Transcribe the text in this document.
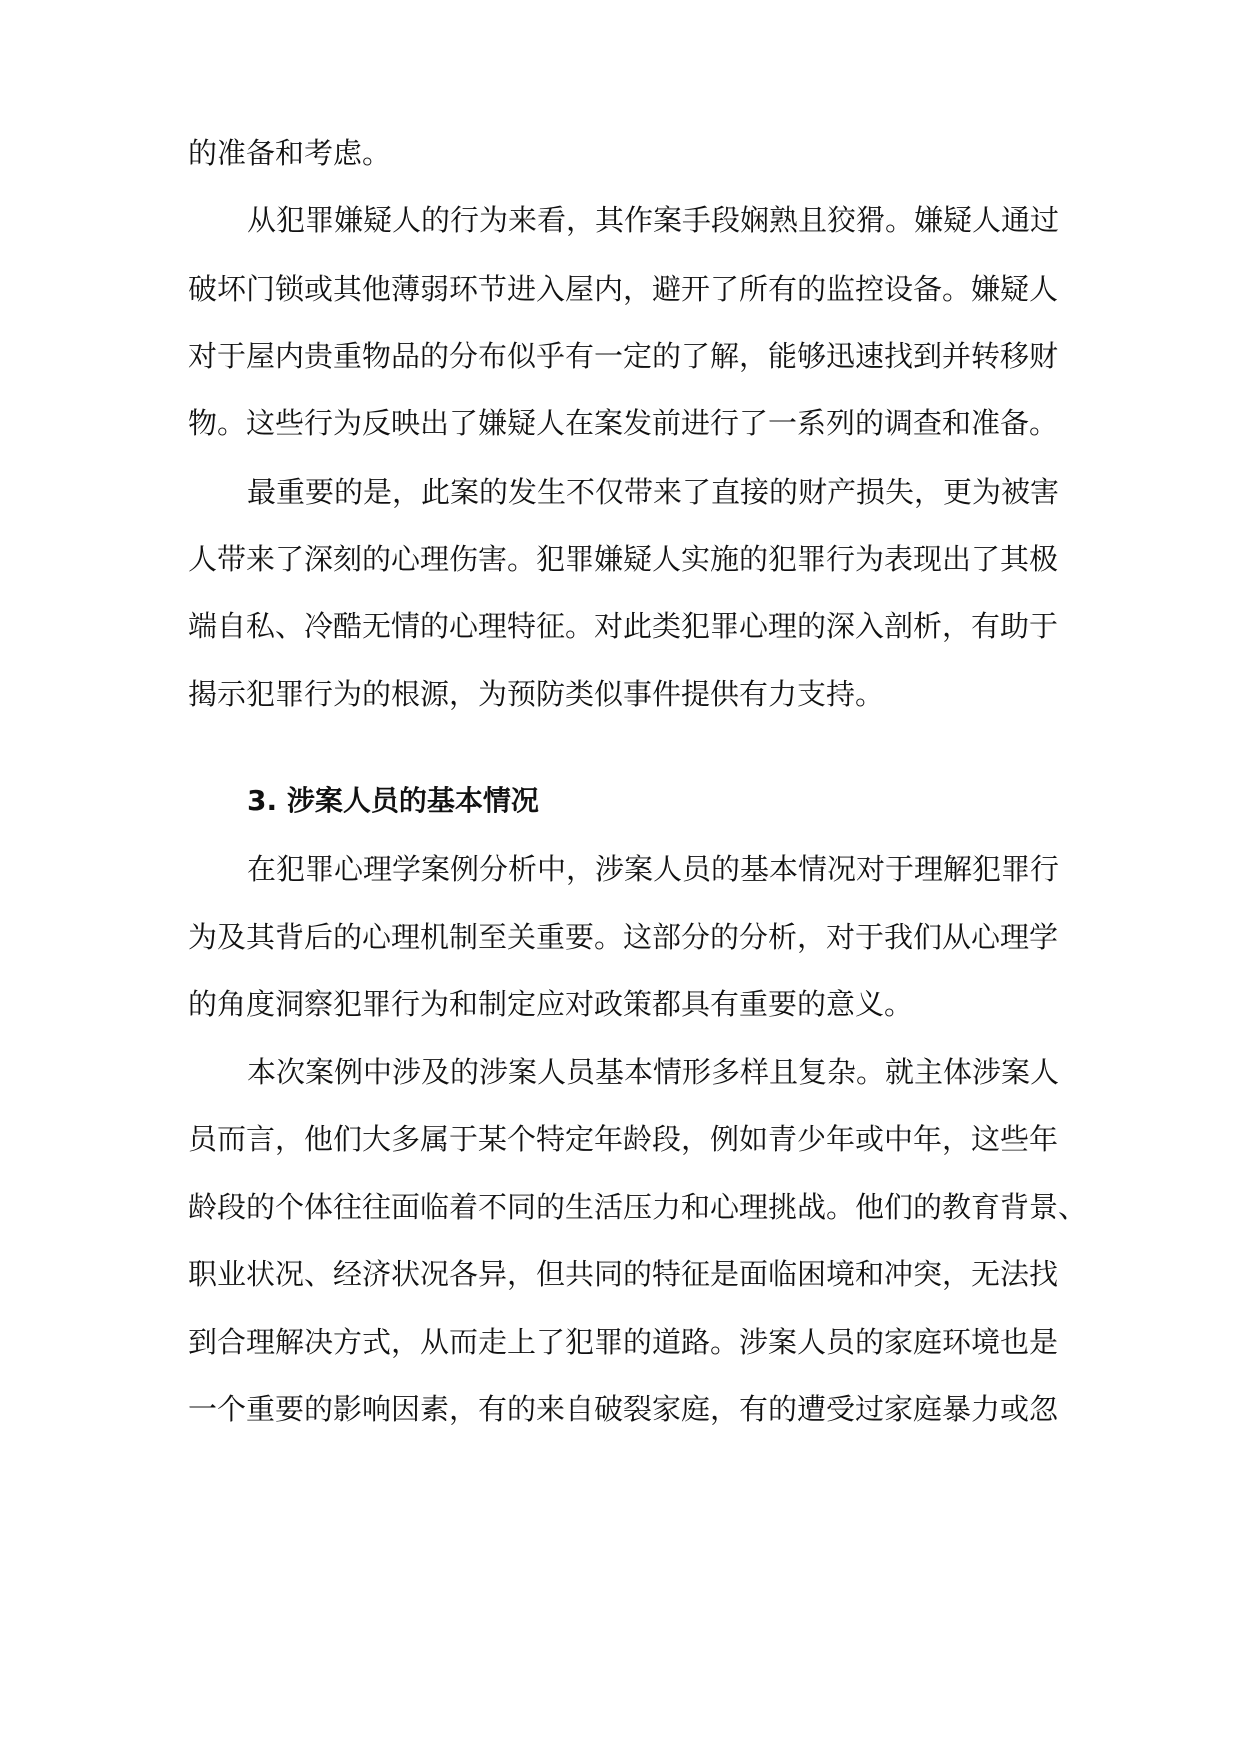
的准备和考虑。
从犯罪嫌疑人的行为来看，其作案手段娴熟且狡猾。嫌疑人通过
破坏门锁或其他薄弱环节进入屋内，避开了所有的监控设备。嫌疑人
对于屋内贵重物品的分布似乎有一定的了解，能够迅速找到并转移财
物。这些行为反映出了嫌疑人在案发前进行了一系列的调查和准备。
最重要的是，此案的发生不仅带来了直接的财产损失，更为被害
人带来了深刻的心理伤害。犯罪嫌疑人实施的犯罪行为表现出了其极
端自私、冷酷无情的心理特征。对此类犯罪心理的深入剖析，有助于
揭示犯罪行为的根源，为预防类似事件提供有力支持。
3. 涉案人员的基本情况
在犯罪心理学案例分析中，涉案人员的基本情况对于理解犯罪行
为及其背后的心理机制至关重要。这部分的分析，对于我们从心理学
的角度洞察犯罪行为和制定应对政策都具有重要的意义。
本次案例中涉及的涉案人员基本情形多样且复杂。就主体涉案人
员而言，他们大多属于某个特定年龄段，例如青少年或中年，这些年
龄段的个体往往面临着不同的生活压力和心理挑战。他们的教育背景、
职业状况、经济状况各异，但共同的特征是面临困境和冲突，无法找
到合理解决方式，从而走上了犯罪的道路。涉案人员的家庭环境也是
一个重要的影响因素，有的来自破裂家庭，有的遭受过家庭暴力或忽
